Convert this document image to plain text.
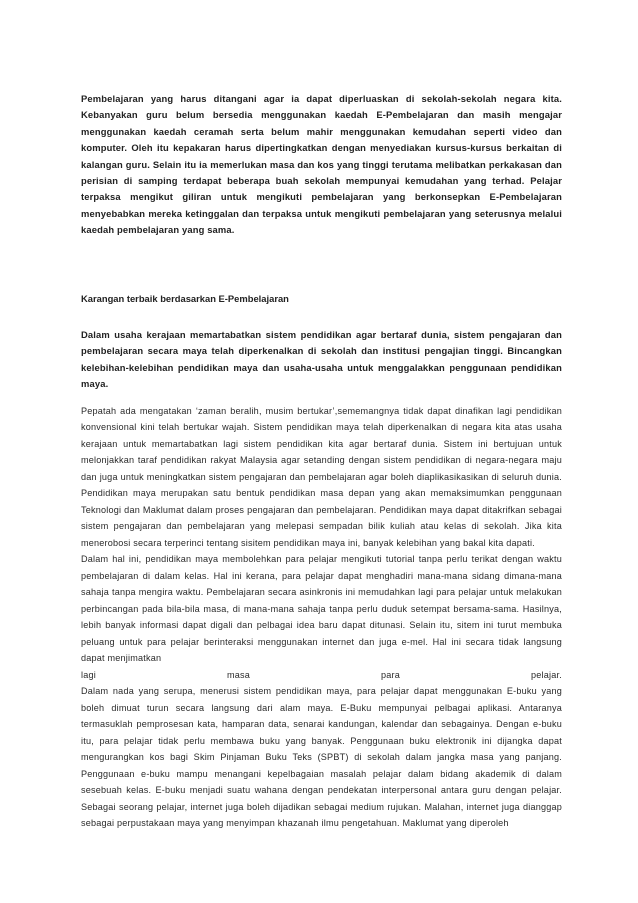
Pembelajaran yang harus ditangani agar ia dapat diperluaskan di sekolah-sekolah negara kita. Kebanyakan guru belum bersedia menggunakan kaedah E-Pembelajaran dan masih mengajar menggunakan kaedah ceramah serta belum mahir menggunakan kemudahan seperti video dan komputer. Oleh itu kepakaran harus dipertingkatkan dengan menyediakan kursus-kursus berkaitan di kalangan guru. Selain itu ia memerlukan masa dan kos yang tinggi terutama melibatkan perkakasan dan perisian di samping terdapat beberapa buah sekolah mempunyai kemudahan yang terhad. Pelajar terpaksa mengikut giliran untuk mengikuti pembelajaran yang berkonsepkan E-Pembelajaran menyebabkan mereka ketinggalan dan terpaksa untuk mengikuti pembelajaran yang seterusnya melalui kaedah pembelajaran yang sama.

Karangan terbaik berdasarkan E-Pembelajaran

Dalam usaha kerajaan memartabatkan sistem pendidikan agar bertaraf dunia, sistem pengajaran dan pembelajaran secara maya telah diperkenalkan di sekolah dan institusi pengajian tinggi. Bincangkan kelebihan-kelebihan pendidikan maya dan usaha-usaha untuk menggalakkan penggunaan pendidikan maya.

Pepatah ada mengatakan ‘zaman beralih, musim bertukar’,sememangnya tidak dapat dinafikan lagi pendidikan konvensional kini telah bertukar wajah. Sistem pendidikan maya telah diperkenalkan di negara kita atas usaha kerajaan untuk memartabatkan lagi sistem pendidikan kita agar bertaraf dunia. Sistem ini bertujuan untuk melonjakkan taraf pendidikan rakyat Malaysia agar setanding dengan sistem pendidikan di negara-negara maju dan juga untuk meningkatkan sistem pengajaran dan pembelajaran agar boleh diaplikasikasikan di seluruh dunia. Pendidikan maya merupakan satu bentuk pendidikan masa depan yang akan memaksimumkan penggunaan Teknologi dan Maklumat dalam proses pengajaran dan pembelajaran. Pendidikan maya dapat ditakrifkan sebagai sistem pengajaran dan pembelajaran yang melepasi sempadan bilik kuliah atau kelas di sekolah. Jika kita menerobosi secara terperinci tentang sisitem pendidikan maya ini, banyak kelebihan yang bakal kita dapati.

Dalam hal ini, pendidikan maya membolehkan para pelajar mengikuti tutorial tanpa perlu terikat dengan waktu pembelajaran di dalam kelas. Hal ini kerana, para pelajar dapat menghadiri mana-mana sidang dimana-mana sahaja tanpa mengira waktu. Pembelajaran secara asinkronis ini memudahkan lagi para pelajar untuk melakukan perbincangan pada bila-bila masa, di mana-mana sahaja tanpa perlu duduk setempat bersama-sama. Hasilnya, lebih banyak informasi dapat digali dan pelbagai idea baru dapat ditunasi. Selain itu, sitem ini turut membuka peluang untuk para pelajar berinteraksi menggunakan internet dan juga e-mel. Hal ini secara tidak langsung dapat menjimatkan

lagi	masa	para	pelajar.

Dalam nada yang serupa, menerusi sistem pendidikan maya, para pelajar dapat menggunakan E-buku yang boleh dimuat turun secara langsung dari alam maya. E-Buku mempunyai pelbagai aplikasi. Antaranya termasuklah pemprosesan kata, hamparan data, senarai kandungan, kalendar dan sebagainya. Dengan e-buku itu, para pelajar tidak perlu membawa buku yang banyak. Penggunaan buku elektronik ini dijangka dapat mengurangkan kos bagi Skim Pinjaman Buku Teks (SPBT) di sekolah dalam jangka masa yang panjang. Penggunaan e-buku mampu menangani kepelbagaian masalah pelajar dalam bidang akademik di dalam sesebuah kelas. E-buku menjadi suatu wahana dengan pendekatan interpersonal antara guru dengan pelajar. Sebagai seorang pelajar, internet juga boleh dijadikan sebagai medium rujukan. Malahan, internet juga dianggap sebagai perpustakaan maya yang menyimpan khazanah ilmu pengetahuan. Maklumat yang diperoleh
